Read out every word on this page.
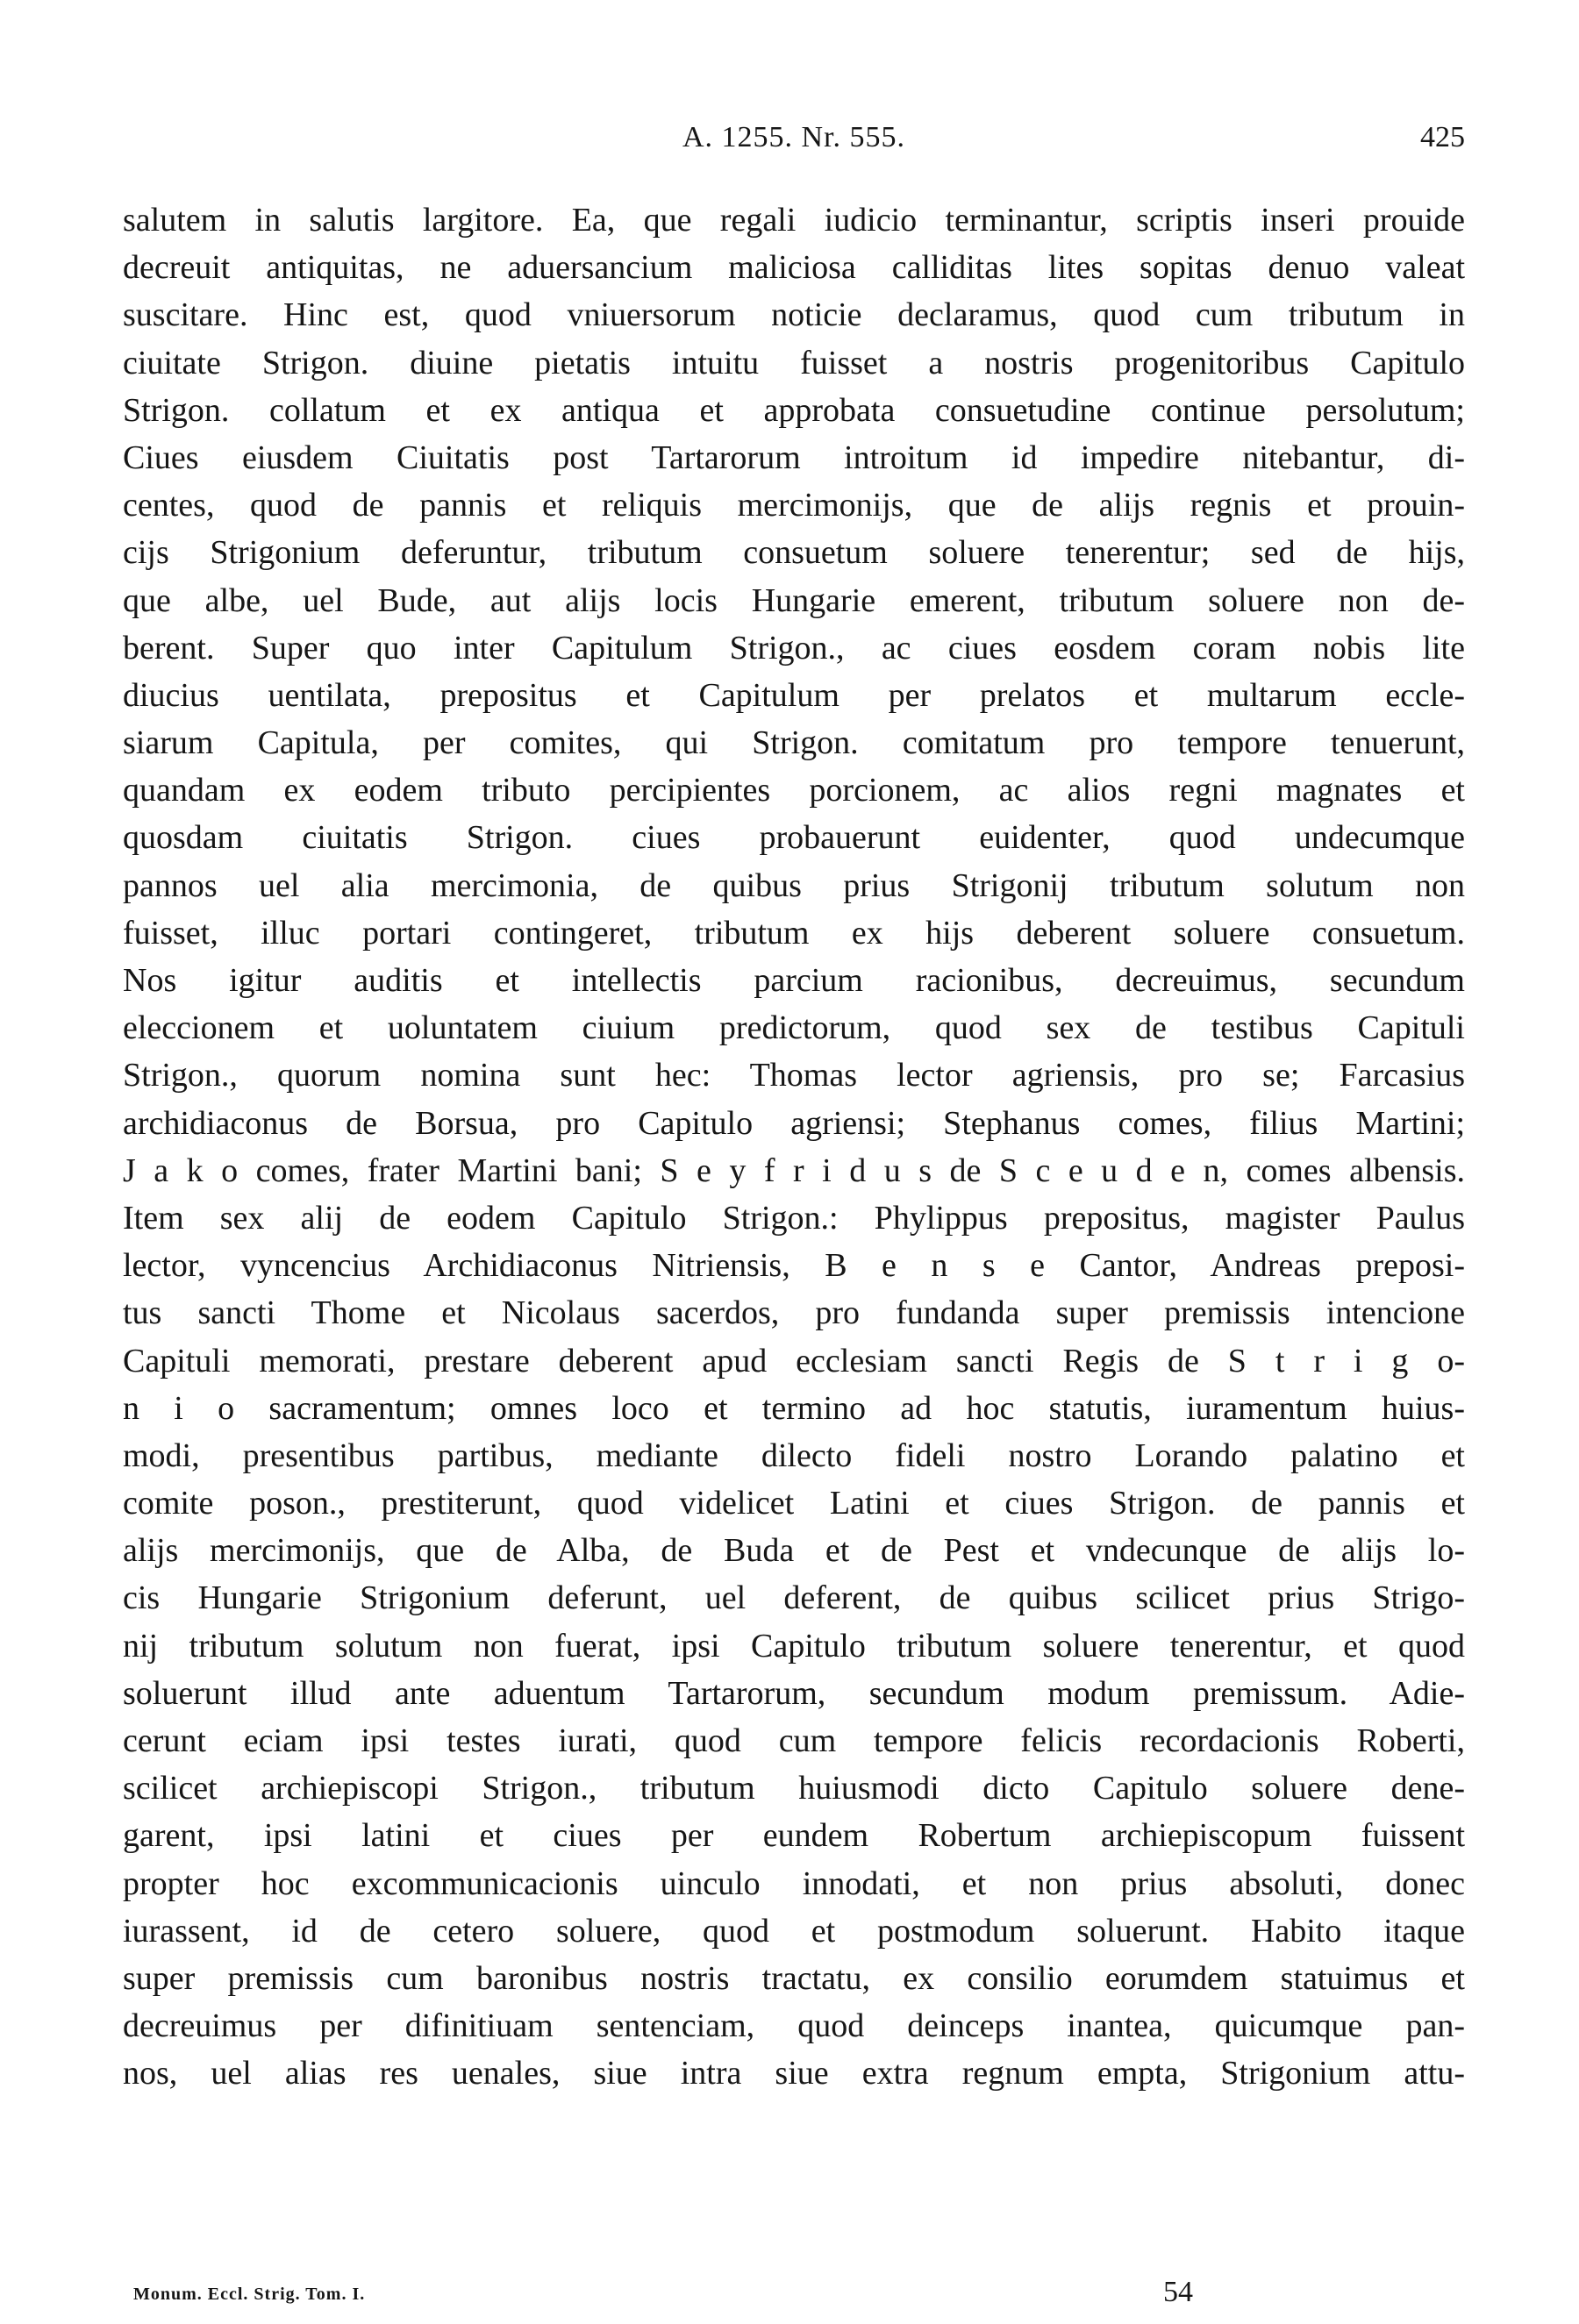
A. 1255. Nr. 555.	425
salutem in salutis largitore. Ea, que regali iudicio terminantur, scriptis inseri prouide
decreuit antiquitas, ne aduersancium maliciosa calliditas lites sopitas denuo valeat
suscitare. Hinc est, quod vniuersorum noticie declaramus, quod cum tributum in
ciuitate Strigon. diuine pietatis intuitu fuisset a nostris progenitoribus Capitulo
Strigon. collatum et ex antiqua et approbata consuetudine continue persolutum;
Ciues eiusdem Ciuitatis post Tartarorum introitum id impedire nitebantur, di-
centes, quod de pannis et reliquis mercimonijs, que de alijs regnis et prouin-
cijs Strigonium deferuntur, tributum consuetum soluere tenerentur; sed de hijs,
que albe, uel Bude, aut alijs locis Hungarie emerent, tributum soluere non de-
berent. Super quo inter Capitulum Strigon., ac ciues eosdem coram nobis lite
diucius uentilata, prepositus et Capitulum per prelatos et multarum eccle-
siarum Capitula, per comites, qui Strigon. comitatum pro tempore tenuerunt,
quandam ex eodem tributo percipientes porcionem, ac alios regni magnates et
quosdam ciuitatis Strigon. ciues probauerunt euidenter, quod undecumque
pannos uel alia mercimonia, de quibus prius Strigonij tributum solutum non
fuisset, illuc portari contingeret, tributum ex hijs deberent soluere consuetum.
Nos igitur auditis et intellectis parcium racionibus, decreuimus, secundum
eleccionem et uoluntatem ciuium predictorum, quod sex de testibus Capituli
Strigon., quorum nomina sunt hec: Thomas lector agriensis, pro se; Farcasius
archidiaconus de Borsua, pro Capitulo agriensi; Stephanus comes, filius Martini;
J a k o comes, frater Martini bani; S e y f r i d u s de S c e u d e n, comes albensis.
Item sex alij de eodem Capitulo Strigon.: Phylippus prepositus, magister Paulus
lector, vyncencius Archidiaconus Nitriensis, B e n s e Cantor, Andreas preposi-
tus sancti Thome et Nicolaus sacerdos, pro fundanda super premissis intencione
Capituli memorati, prestare deberent apud ecclesiam sancti Regis de S t r i g o-
n i o sacramentum; omnes loco et termino ad hoc statutis, iuramentum huius-
modi, presentibus partibus, mediante dilecto fideli nostro Lorando palatino et
comite poson., prestiterunt, quod videlicet Latini et ciues Strigon. de pannis et
alijs mercimonijs, que de Alba, de Buda et de Pest et vndecunque de alijs lo-
cis Hungarie Strigonium deferunt, uel deferent, de quibus scilicet prius Strigo-
nij tributum solutum non fuerat, ipsi Capitulo tributum soluere tenerentur, et quod
soluerunt illud ante aduentum Tartarorum, secundum modum premissum. Adie-
cerunt eciam ipsi testes iurati, quod cum tempore felicis recordacionis Roberti,
scilicet archiepiscopi Strigon., tributum huiusmodi dicto Capitulo soluere dene-
garent, ipsi latini et ciues per eundem Robertum archiepiscopum fuissent
propter hoc excommunicacionis uinculo innodati, et non prius absoluti, donec
iurassent, id de cetero soluere, quod et postmodum soluerunt. Habito itaque
super premissis cum baronibus nostris tractatu, ex consilio eorumdem statuimus et
decreuimus per difinitiuam sentenciam, quod deinceps inantea, quicumque pan-
nos, uel alias res uenales, siue intra siue extra regnum empta, Strigonium attu-
Monum. Eccl. Strig. Tom. I.	54
